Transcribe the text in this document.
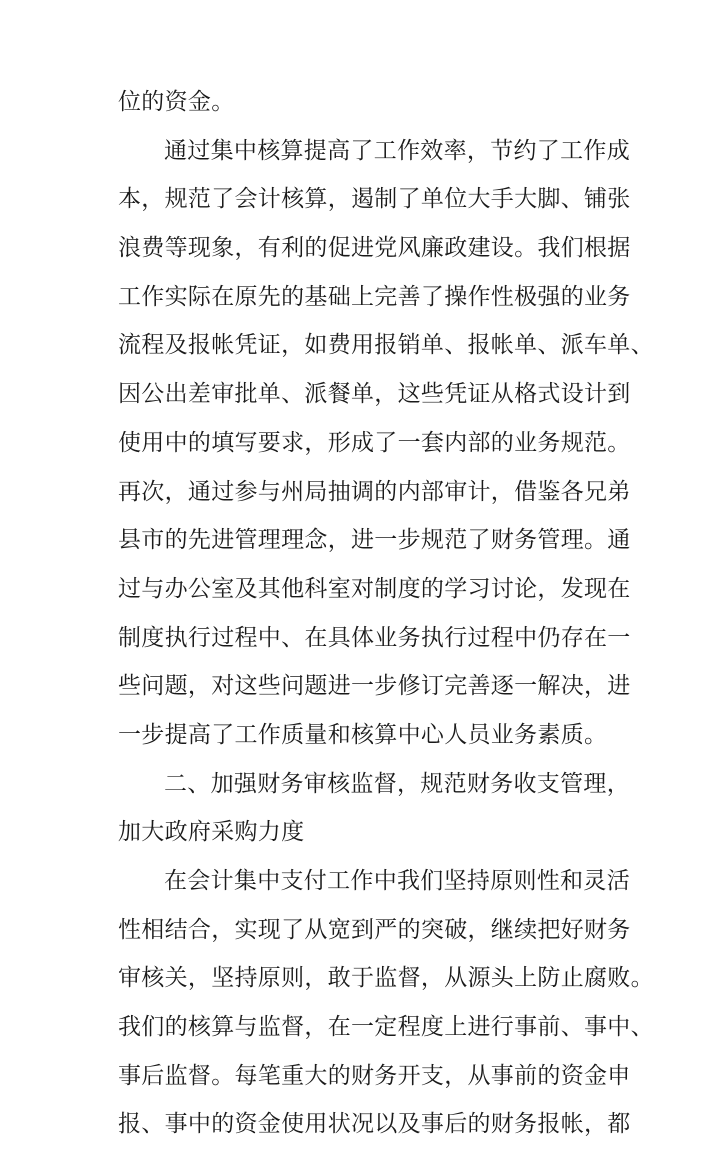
位的资金。
通过集中核算提高了工作效率，节约了工作成
本，规范了会计核算，遏制了单位大手大脚、铺张
浪费等现象，有利的促进党风廉政建设。我们根据
工作实际在原先的基础上完善了操作性极强的业务
流程及报帐凭证，如费用报销单、报帐单、派车单、
因公出差审批单、派餐单，这些凭证从格式设计到
使用中的填写要求，形成了一套内部的业务规范。
再次，通过参与州局抽调的内部审计，借鉴各兄弟
县市的先进管理理念，进一步规范了财务管理。通
过与办公室及其他科室对制度的学习讨论，发现在
制度执行过程中、在具体业务执行过程中仍存在一
些问题，对这些问题进一步修订完善逐一解决，进
一步提高了工作质量和核算中心人员业务素质。
二、加强财务审核监督，规范财务收支管理，
加大政府采购力度
在会计集中支付工作中我们坚持原则性和灵活
性相结合，实现了从宽到严的突破，继续把好财务
审核关，坚持原则，敢于监督，从源头上防止腐败。
我们的核算与监督，在一定程度上进行事前、事中、
事后监督。每笔重大的财务开支，从事前的资金申
报、事中的资金使用状况以及事后的财务报帐，都
